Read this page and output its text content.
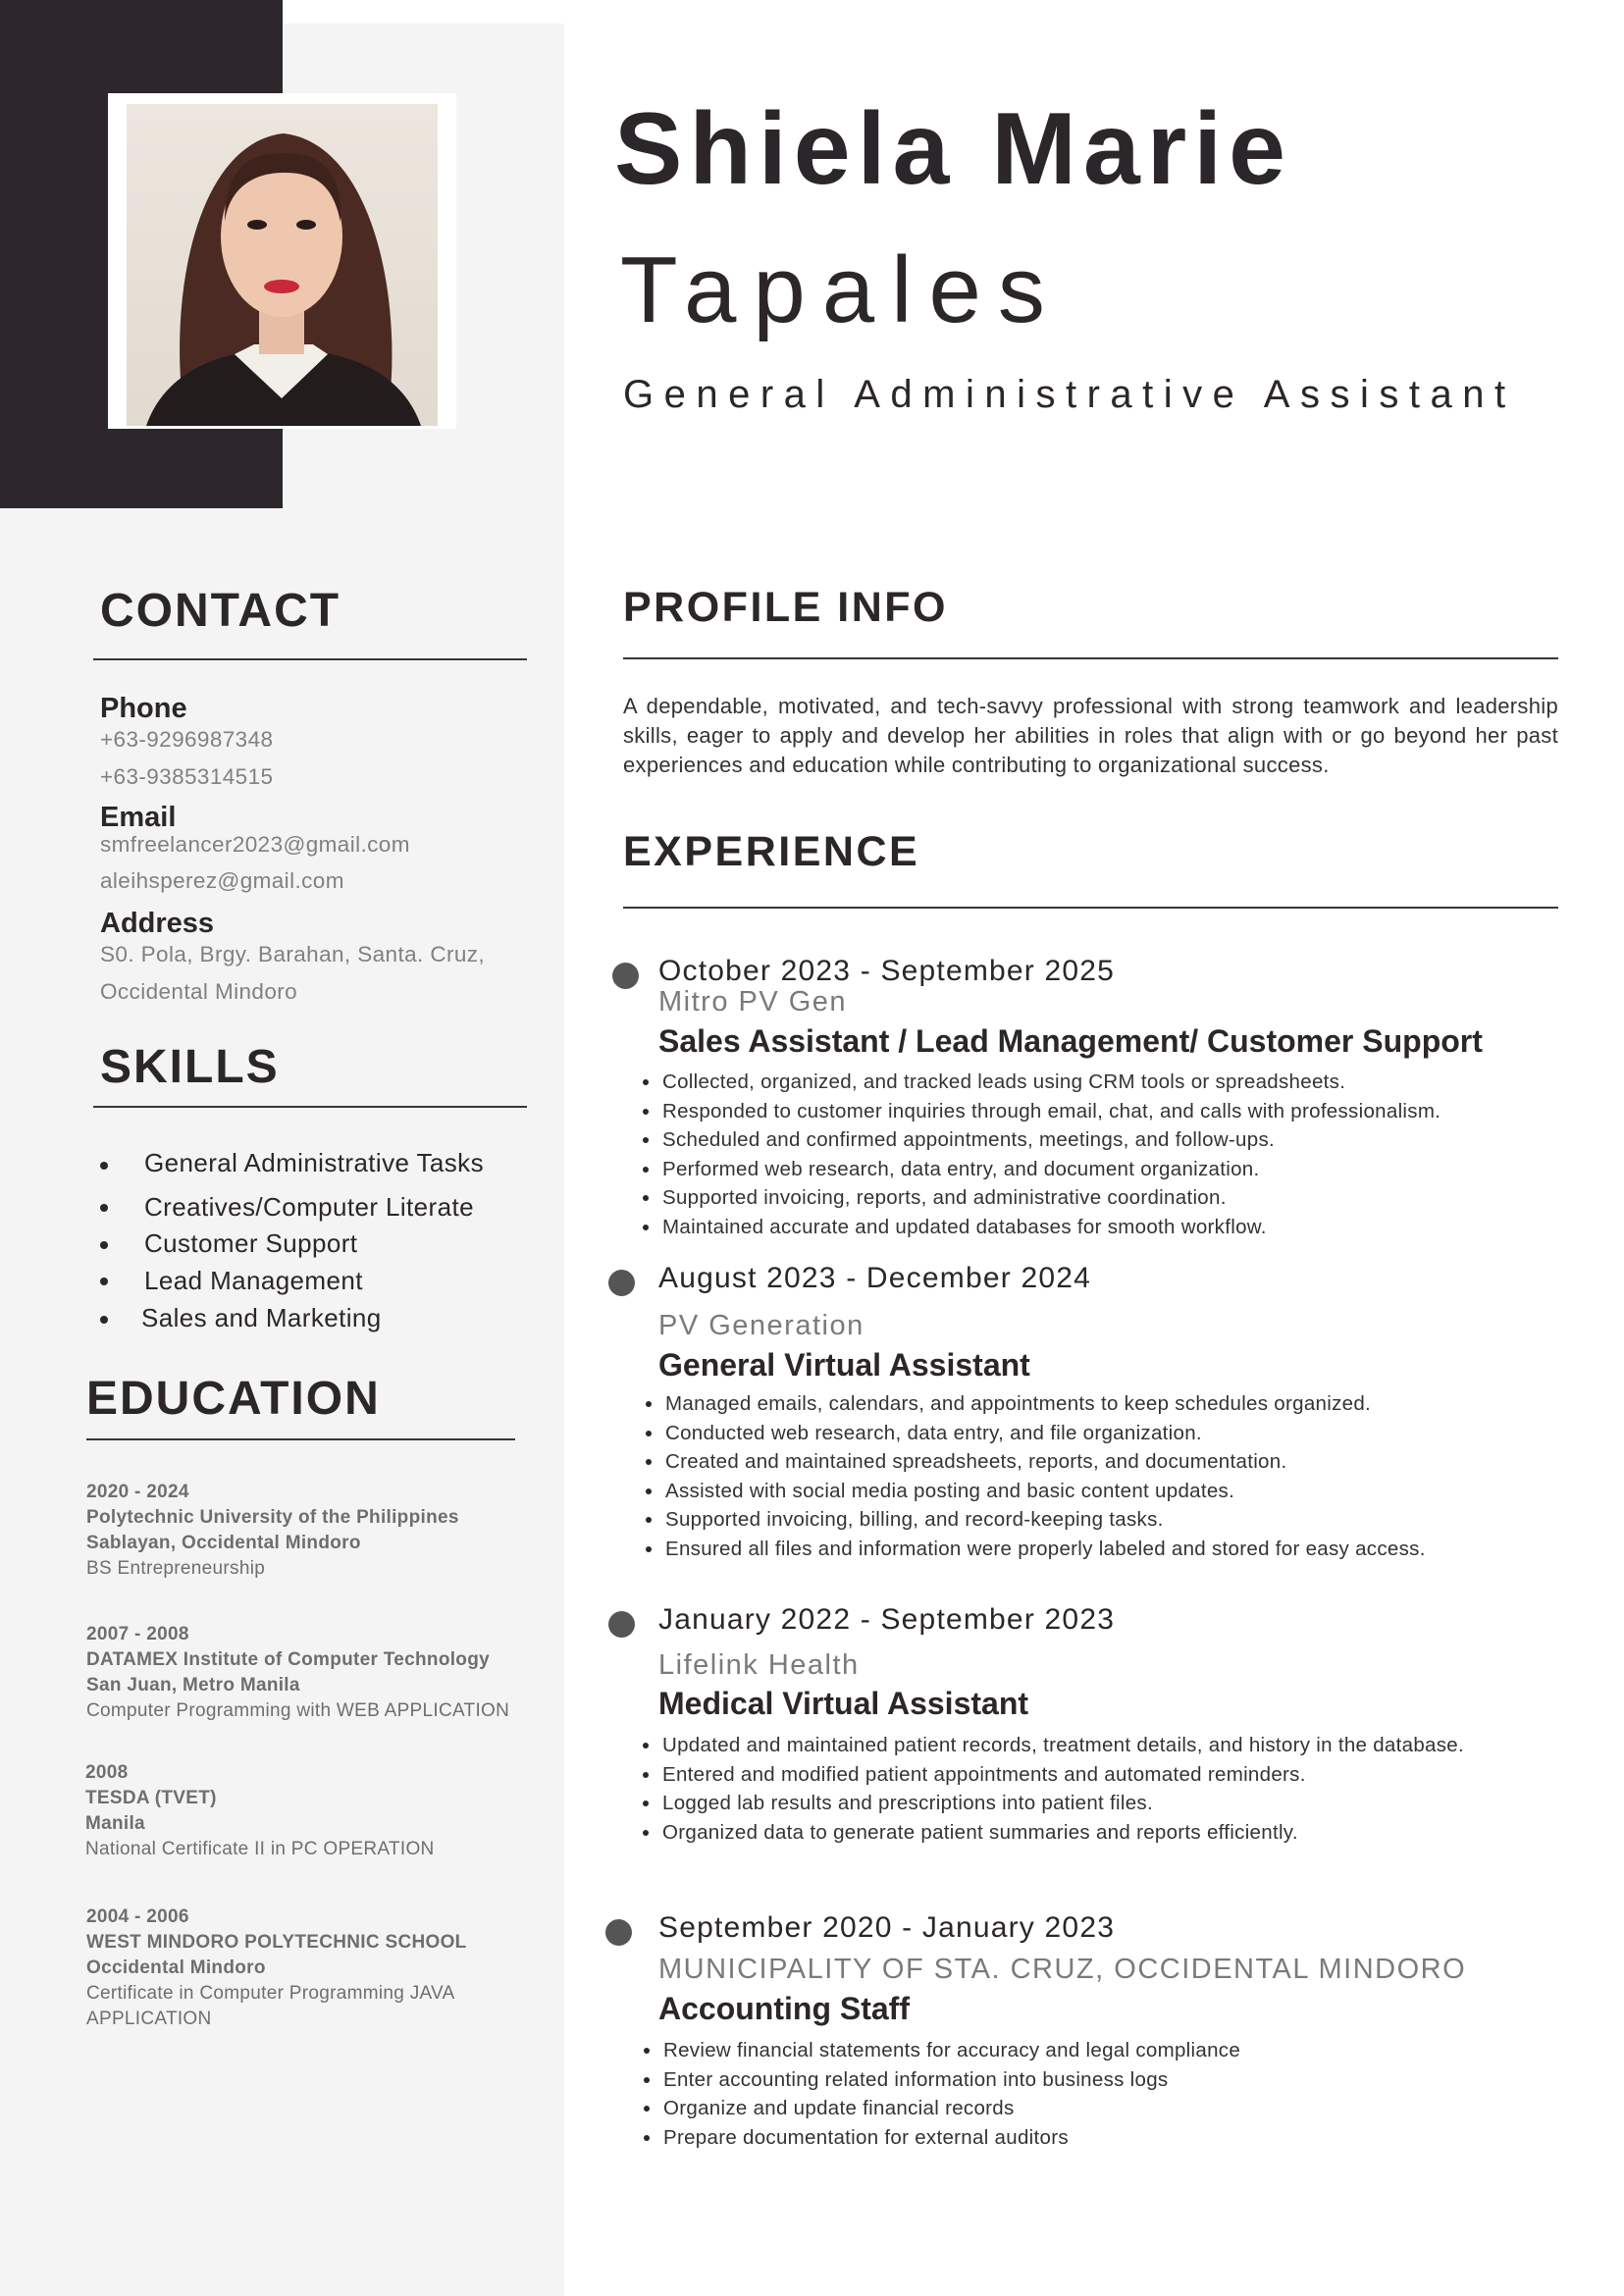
Shiela Marie
Tapales
General Administrative Assistant
CONTACT
Phone
+63-9296987348
+63-9385314515
Email
smfreelancer2023@gmail.com
aleihsperez@gmail.com
Address
S0. Pola, Brgy. Barahan, Santa. Cruz,
Occidental Mindoro
SKILLS
General Administrative Tasks
Creatives/Computer Literate
Customer Support
Lead Management
Sales and Marketing
EDUCATION
2020 - 2024
Polytechnic University of the Philippines
Sablayan, Occidental Mindoro
BS Entrepreneurship
2007 - 2008
DATAMEX Institute of Computer Technology
San Juan, Metro Manila
Computer Programming with WEB APPLICATION
2008
TESDA (TVET)
Manila
National Certificate II in PC OPERATION
2004 - 2006
WEST MINDORO POLYTECHNIC SCHOOL
Occidental Mindoro
Certificate in Computer Programming JAVA APPLICATION
PROFILE INFO
A dependable, motivated, and tech-savvy professional with strong teamwork and leadership skills, eager to apply and develop her abilities in roles that align with or go beyond her past experiences and education while contributing to organizational success.
EXPERIENCE
October 2023 - September 2025
Mitro PV Gen
Sales Assistant / Lead Management/ Customer Support
Collected, organized, and tracked leads using CRM tools or spreadsheets.
Responded to customer inquiries through email, chat, and calls with professionalism.
Scheduled and confirmed appointments, meetings, and follow-ups.
Performed web research, data entry, and document organization.
Supported invoicing, reports, and administrative coordination.
Maintained accurate and updated databases for smooth workflow.
August 2023 - December 2024
PV Generation
General Virtual Assistant
Managed emails, calendars, and appointments to keep schedules organized.
Conducted web research, data entry, and file organization.
Created and maintained spreadsheets, reports, and documentation.
Assisted with social media posting and basic content updates.
Supported invoicing, billing, and record-keeping tasks.
Ensured all files and information were properly labeled and stored for easy access.
January 2022 - September 2023
Lifelink Health
Medical Virtual Assistant
Updated and maintained patient records, treatment details, and history in the database.
Entered and modified patient appointments and automated reminders.
Logged lab results and prescriptions into patient files.
Organized data to generate patient summaries and reports efficiently.
September 2020 - January 2023
MUNICIPALITY OF STA. CRUZ, OCCIDENTAL MINDORO
Accounting Staff
Review financial statements for accuracy and legal compliance
Enter accounting related information into business logs
Organize and update financial records
Prepare documentation for external auditors
